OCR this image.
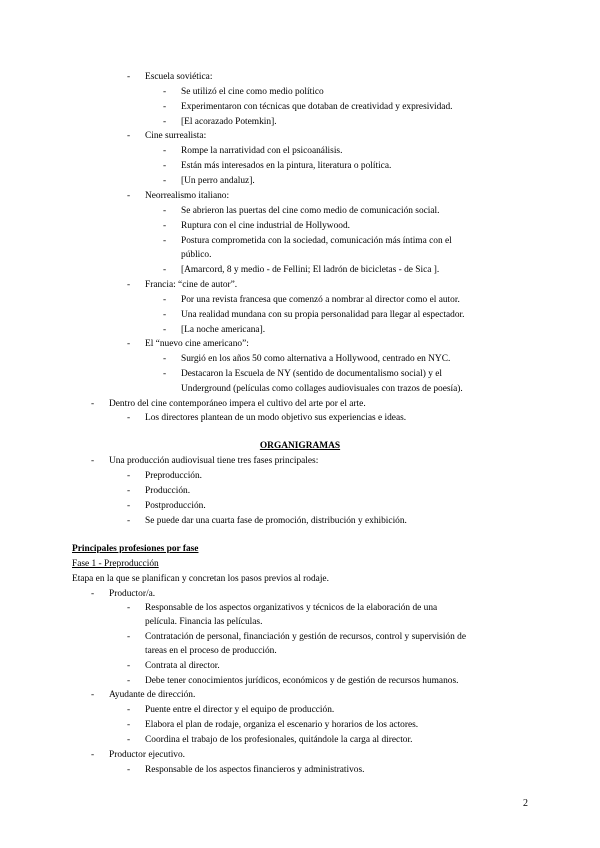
- Escuela soviética:
- Se utilizó el cine como medio político
- Experimentaron con técnicas que dotaban de creatividad y expresividad.
- [El acorazado Potemkin].
- Cine surrealista:
- Rompe la narratividad con el psicoanálisis.
- Están más interesados en la pintura, literatura o política.
- [Un perro andaluz].
- Neorrealismo italiano:
- Se abrieron las puertas del cine como medio de comunicación social.
- Ruptura con el cine industrial de Hollywood.
- Postura comprometida con la sociedad, comunicación más íntima con el
público.
- [Amarcord, 8 y medio - de Fellini; El ladrón de bicicletas - de Sica ].
- Francia: “cine de autor”.
- Por una revista francesa que comenzó a nombrar al director como el autor.
- Una realidad mundana con su propia personalidad para llegar al espectador.
- [La noche americana].
- El “nuevo cine americano”:
- Surgió en los años 50 como alternativa a Hollywood, centrado en NYC.
- Destacaron la Escuela de NY (sentido de documentalismo social) y el
Underground (películas como collages audiovisuales con trazos de poesía).
- Dentro del cine contemporáneo impera el cultivo del arte por el arte.
- Los directores plantean de un modo objetivo sus experiencias e ideas.
ORGANIGRAMAS
- Una producción audiovisual tiene tres fases principales:
- Preproducción.
- Producción.
- Postproducción.
- Se puede dar una cuarta fase de promoción, distribución y exhibición.
Principales profesiones por fase
Fase 1 - Preproducción
Etapa en la que se planifican y concretan los pasos previos al rodaje.
- Productor/a.
- Responsable de los aspectos organizativos y técnicos de la elaboración de una
película. Financia las películas.
- Contratación de personal, financiación y gestión de recursos, control y supervisión de
tareas en el proceso de producción.
- Contrata al director.
- Debe tener conocimientos jurídicos, económicos y de gestión de recursos humanos.
- Ayudante de dirección.
- Puente entre el director y el equipo de producción.
- Elabora el plan de rodaje, organiza el escenario y horarios de los actores.
- Coordina el trabajo de los profesionales, quitándole la carga al director.
- Productor ejecutivo.
- Responsable de los aspectos financieros y administrativos.
2
